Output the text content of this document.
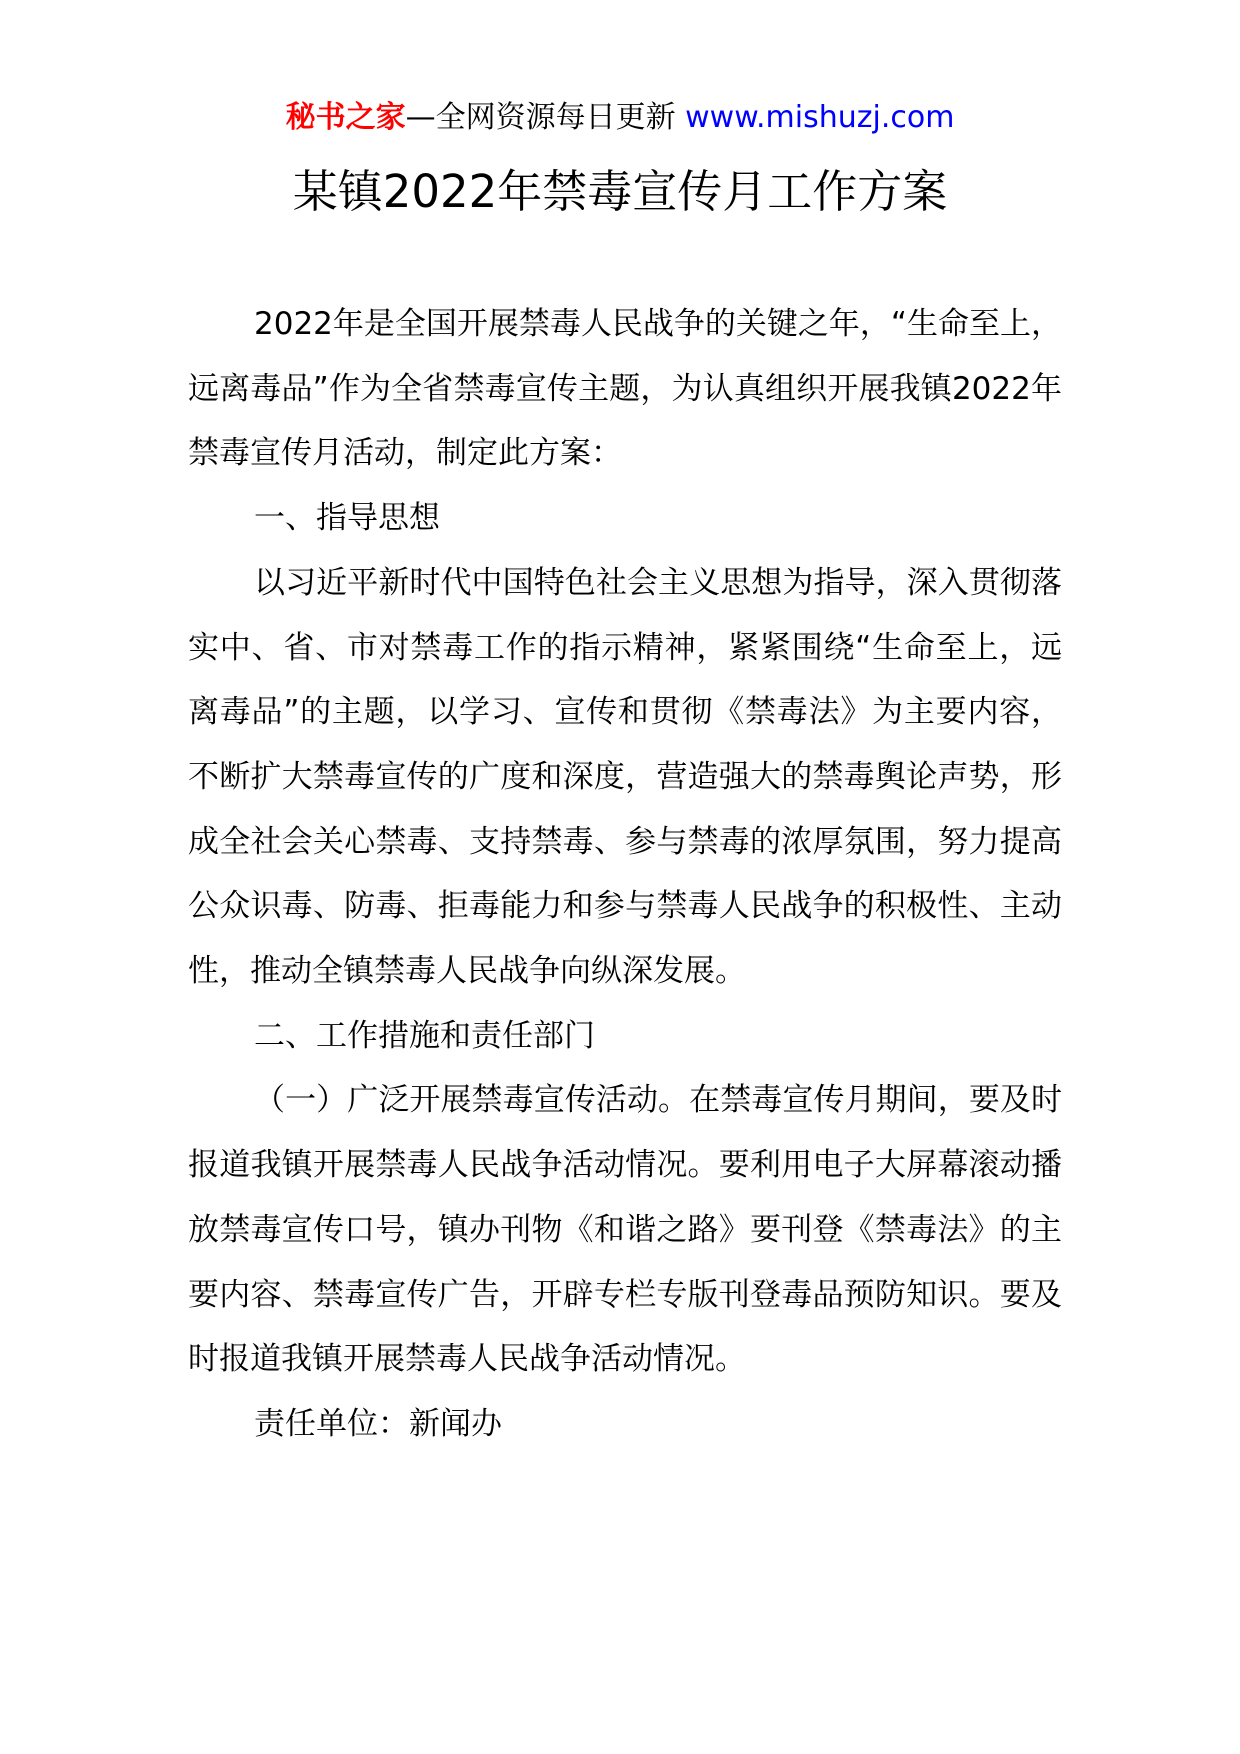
秘书之家—全网资源每日更新 www.mishuzj.com
某镇2022年禁毒宣传月工作方案

2022年是全国开展禁毒人民战争的关键之年，“生命至上，远离毒品”作为全省禁毒宣传主题，为认真组织开展我镇2022年禁毒宣传月活动，制定此方案：

一、指导思想

以习近平新时代中国特色社会主义思想为指导，深入贯彻落实中、省、市对禁毒工作的指示精神，紧紧围绕“生命至上，远离毒品”的主题，以学习、宣传和贯彻《禁毒法》为主要内容，不断扩大禁毒宣传的广度和深度，营造强大的禁毒舆论声势，形成全社会关心禁毒、支持禁毒、参与禁毒的浓厚氛围，努力提高公众识毒、防毒、拒毒能力和参与禁毒人民战争的积极性、主动性，推动全镇禁毒人民战争向纵深发展。

二、工作措施和责任部门

（一）广泛开展禁毒宣传活动。在禁毒宣传月期间，要及时报道我镇开展禁毒人民战争活动情况。要利用电子大屏幕滚动播放禁毒宣传口号，镇办刊物《和谐之路》要刊登《禁毒法》的主要内容、禁毒宣传广告，开辟专栏专版刊登毒品预防知识。要及时报道我镇开展禁毒人民战争活动情况。

责任单位：新闻办
